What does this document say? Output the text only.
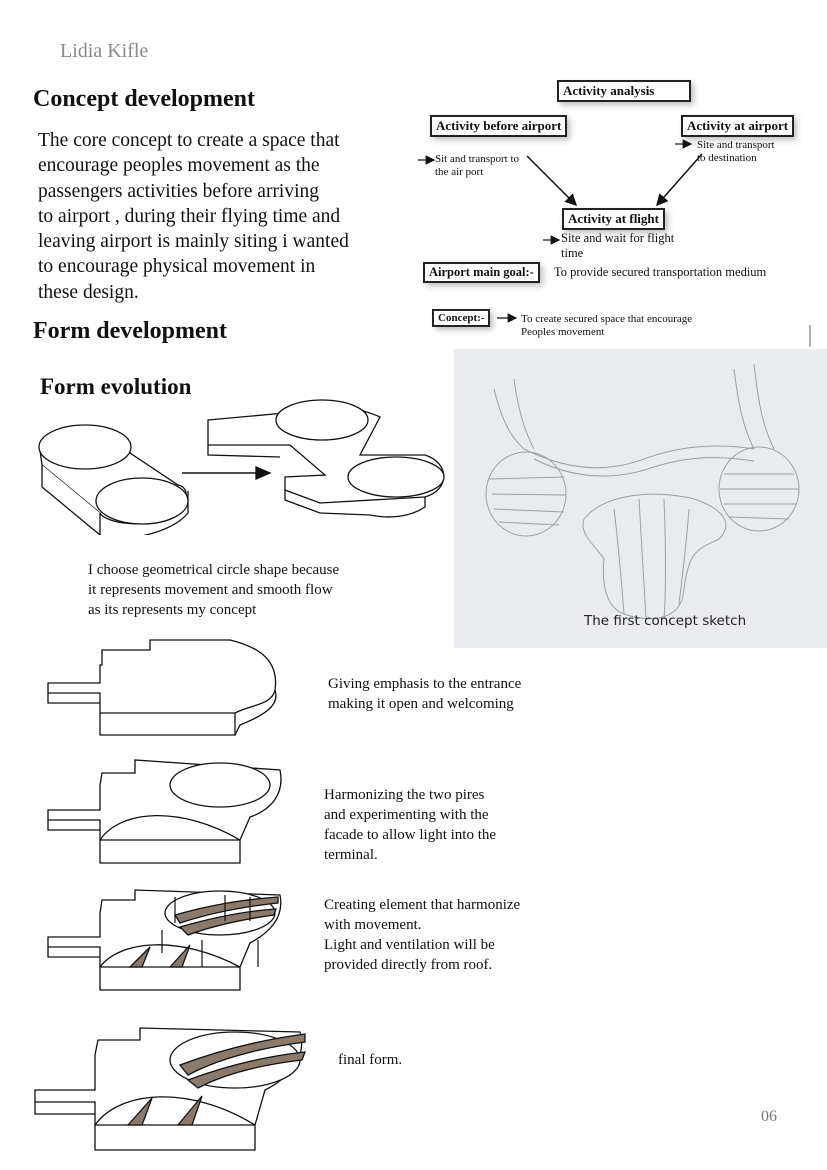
Lidia Kifle
Concept development
The core concept to create a space that
encourage peoples movement as the
passengers activities before arriving
to airport , during their flying time and
leaving airport is mainly siting i wanted
to encourage physical movement in
these design.
Activity analysis
Activity before airport
Sit and transport to
the air port
Activity at airport
Site and transport
to destination
Activity at flight
Site and wait for flight
time
Airport main goal:-	To provide secured transportation medium
Concept:-	To create secured space that encourage
Peoples movement
Form development
Form evolution
I choose geometrical circle shape because
it represents movement and smooth flow
as its represents my concept
The first concept sketch
Giving emphasis to the entrance
making it open and welcoming
Harmonizing the two pires
and experimenting with the
facade to allow light into the
terminal.
Creating element that harmonize
with movement.
Light and ventilation will be
provided directly from roof.
final form.
06
